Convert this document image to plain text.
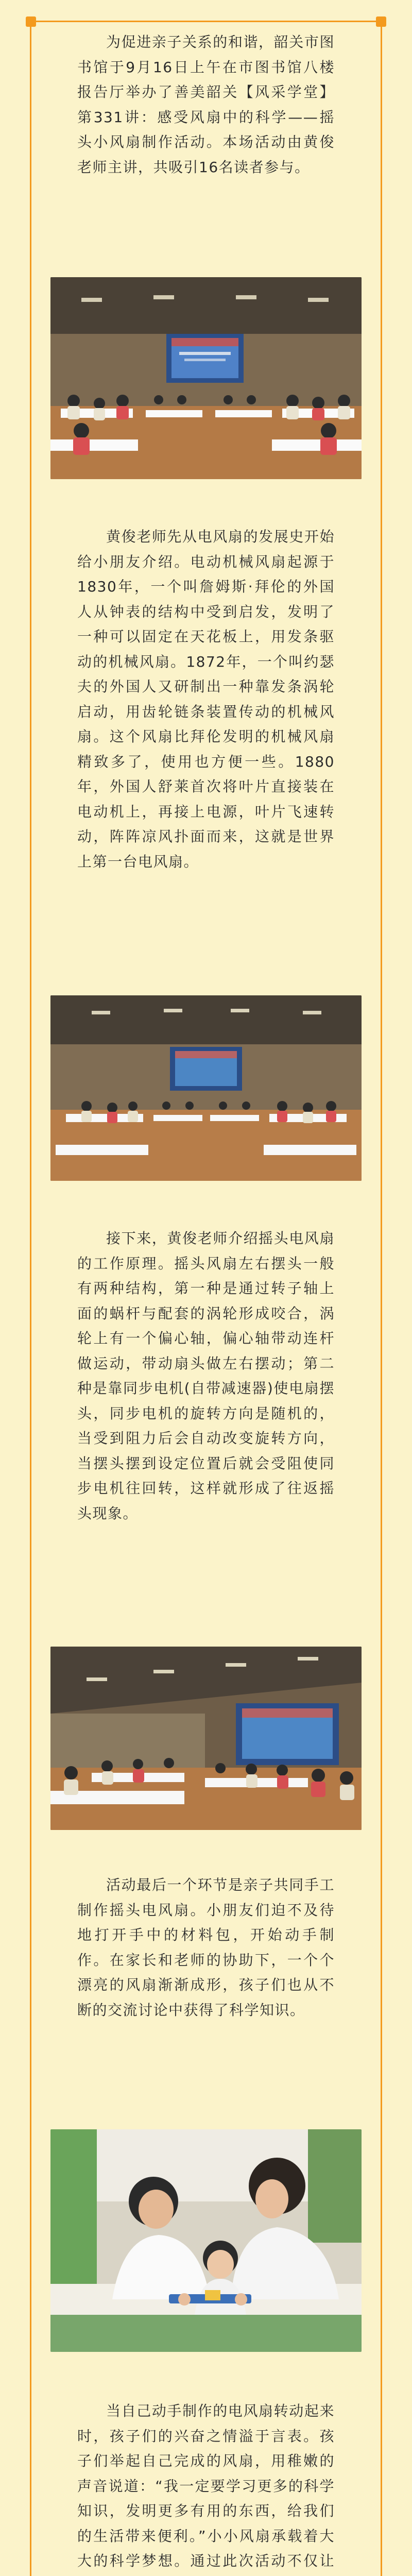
为促进亲子关系的和谐，韶关市图书馆于9月16日上午在市图书馆八楼报告厅举办了善美韶关【风采学堂】第331讲：感受风扇中的科学——摇头小风扇制作活动。本场活动由黄俊老师主讲，共吸引16名读者参与。

黄俊老师先从电风扇的发展史开始给小朋友介绍。电动机械风扇起源于1830年，一个叫詹姆斯·拜伦的外国人从钟表的结构中受到启发，发明了一种可以固定在天花板上，用发条驱动的机械风扇。1872年，一个叫约瑟夫的外国人又研制出一种靠发条涡轮启动，用齿轮链条装置传动的机械风扇。这个风扇比拜伦发明的机械风扇精致多了，使用也方便一些。1880年，外国人舒莱首次将叶片直接装在电动机上，再接上电源，叶片飞速转动，阵阵凉风扑面而来，这就是世界上第一台电风扇。

接下来，黄俊老师介绍摇头电风扇的工作原理。摇头风扇左右摆头一般有两种结构，第一种是通过转子轴上面的蜗杆与配套的涡轮形成咬合，涡轮上有一个偏心轴，偏心轴带动连杆做运动，带动扇头做左右摆动；第二种是靠同步电机(自带减速器)使电扇摆头，同步电机的旋转方向是随机的，当受到阻力后会自动改变旋转方向，当摆头摆到设定位置后就会受阻使同步电机往回转，这样就形成了往返摇头现象。

活动最后一个环节是亲子共同手工制作摇头电风扇。小朋友们迫不及待地打开手中的材料包，开始动手制作。在家长和老师的协助下，一个个漂亮的风扇渐渐成形，孩子们也从不断的交流讨论中获得了科学知识。

当自己动手制作的电风扇转动起来时，孩子们的兴奋之情溢于言表。孩子们举起自己完成的风扇，用稚嫩的声音说道：“我一定要学习更多的科学知识，发明更多有用的东西，给我们的生活带来便利。”小小风扇承载着大大的科学梦想。通过此次活动不仅让
